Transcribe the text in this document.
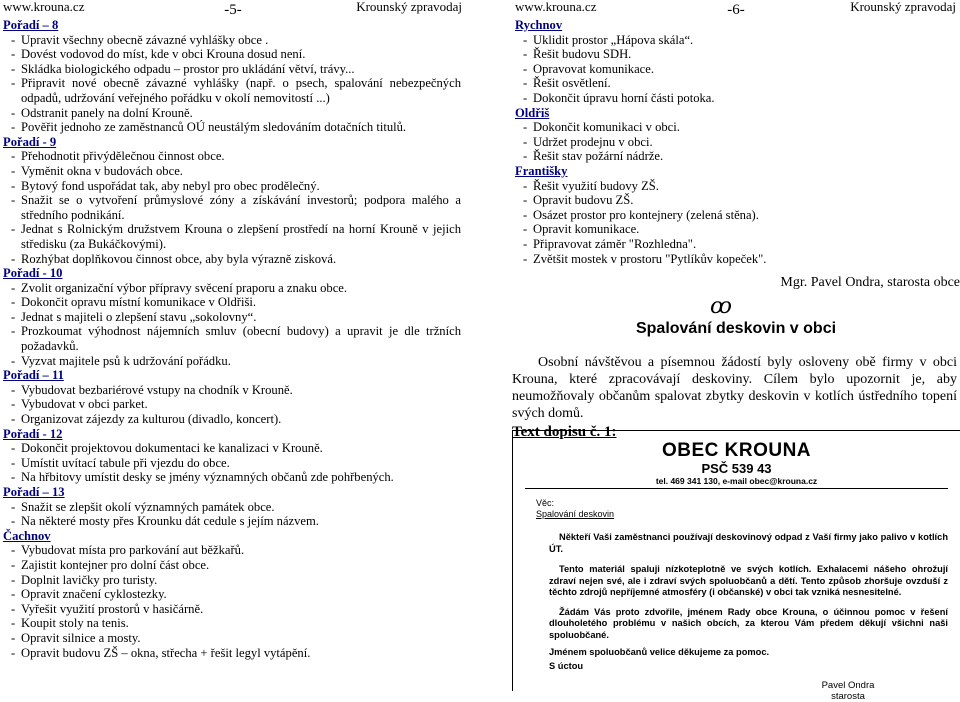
www.krouna.cz	-5-	Krounský zpravodaj
Pořadí – 8
- Upravit všechny obecně závazné vyhlášky obce .
- Dovést vodovod do míst, kde v obci Krouna dosud není.
- Skládka biologického odpadu – prostor pro ukládání větví, trávy...
- Připravit nové obecně závazné vyhlášky (např. o psech, spalování nebezpečných odpadů, udržování veřejného pořádku v okolí nemovitostí ...)
- Odstranit panely na dolní Krouně.
- Pověřit jednoho ze zaměstnanců OÚ neustálým sledováním dotačních titulů.
Pořadí - 9
- Přehodnotit přivýdělečnou činnost obce.
- Vyměnit okna v budovách obce.
- Bytový fond uspořádat tak, aby nebyl pro obec prodělečný.
- Snažit se o vytvoření průmyslové zóny a získávání investorů; podpora malého a středního podnikání.
- Jednat s Rolnickým družstvem Krouna o zlepšení prostředí na horní Krouně v jejich středisku (za Bukáčkovými).
- Rozhýbat doplňkovou činnost obce, aby byla výrazně zisková.
Pořadí - 10
- Zvolit organizační výbor přípravy svěcení praporu a znaku obce.
- Dokončit opravu místní komunikace v Oldřiši.
- Jednat s majiteli o zlepšení stavu „sokolovny“.
- Prozkoumat výhodnost nájemních smluv (obecní budovy) a upravit je dle tržních požadavků.
- Vyzvat majitele psů k udržování pořádku.
Pořadí – 11
- Vybudovat bezbariérové vstupy na chodník v Krouně.
- Vybudovat v obci parket.
- Organizovat zájezdy za kulturou (divadlo, koncert).
Pořadí - 12
- Dokončit projektovou dokumentaci ke kanalizaci v Krouně.
- Umístit uvítací tabule při vjezdu do obce.
- Na hřbitovy umístit desky se jmény významných občanů zde pohřbených.
Pořadí – 13
- Snažit se zlepšit okolí významných památek obce.
- Na některé mosty přes Krounku dát cedule s jejím názvem.
Čachnov
- Vybudovat místa pro parkování aut běžkařů.
- Zajistit kontejner pro dolní část obce.
- Doplnit lavičky pro turisty.
- Opravit značení cyklostezky.
- Vyřešit využití prostorů v hasičárně.
- Koupit stoly na tenis.
- Opravit silnice a mosty.
- Opravit budovu ZŠ – okna, střecha + řešit legyl vytápění.
www.krouna.cz	-6-	Krounský zpravodaj
Rychnov
- Uklidit prostor „Hápova skála“.
- Řešit budovu SDH.
- Opravovat komunikace.
- Řešit osvětlení.
- Dokončit úpravu horní části potoka.
Oldřiš
- Dokončit komunikaci v obci.
- Udržet prodejnu v obci.
- Řešit stav požární nádrže.
Františky
- Řešit využití budovy ZŠ.
- Opravit budovu ZŠ.
- Osázet prostor pro kontejnery (zelená stěna).
- Opravit komunikace.
- Připravovat záměr "Rozhledna".
- Zvětšit mostek v prostoru "Pytlíkův kopeček".
Mgr. Pavel Ondra, starosta obce
ꝏ
Spalování deskovin v obci
Osobní návštěvou a písemnou žádostí byly osloveny obě firmy v obci Krouna, které zpracovávají deskoviny. Cílem bylo upozornit je, aby neumožňovaly občanům spalovat zbytky deskovin v kotlích ústředního topení svých domů.
Text dopisu č. 1:
OBEC KROUNA
PSČ 539 43
tel. 469 341 130, e-mail obec@krouna.cz
Věc:
Spalování deskovin
Někteří Vaši zaměstnanci používají deskovinový odpad z Vaší firmy jako palivo v kotlích ÚT.
Tento materiál spaluji nízkoteplotně ve svých kotlích. Exhalacemi nášeho ohrožují zdraví nejen své, ale i zdraví svých spoluobčanů a dětí. Tento způsob zhoršuje ovzduší z těchto zdrojů nepříjemné atmosféry (i občanské) v obci tak vzniká nesnesitelné.
Žádám Vás proto zdvořile, jménem Rady obce Krouna, o účinnou pomoc v řešení dlouholetého problému v našich obcích, za kterou Vám předem děkují všichni naši spoluobčané.
Jménem spoluobčanů velice děkujeme za pomoc.
S úctou
Pavel Ondra
starosta
